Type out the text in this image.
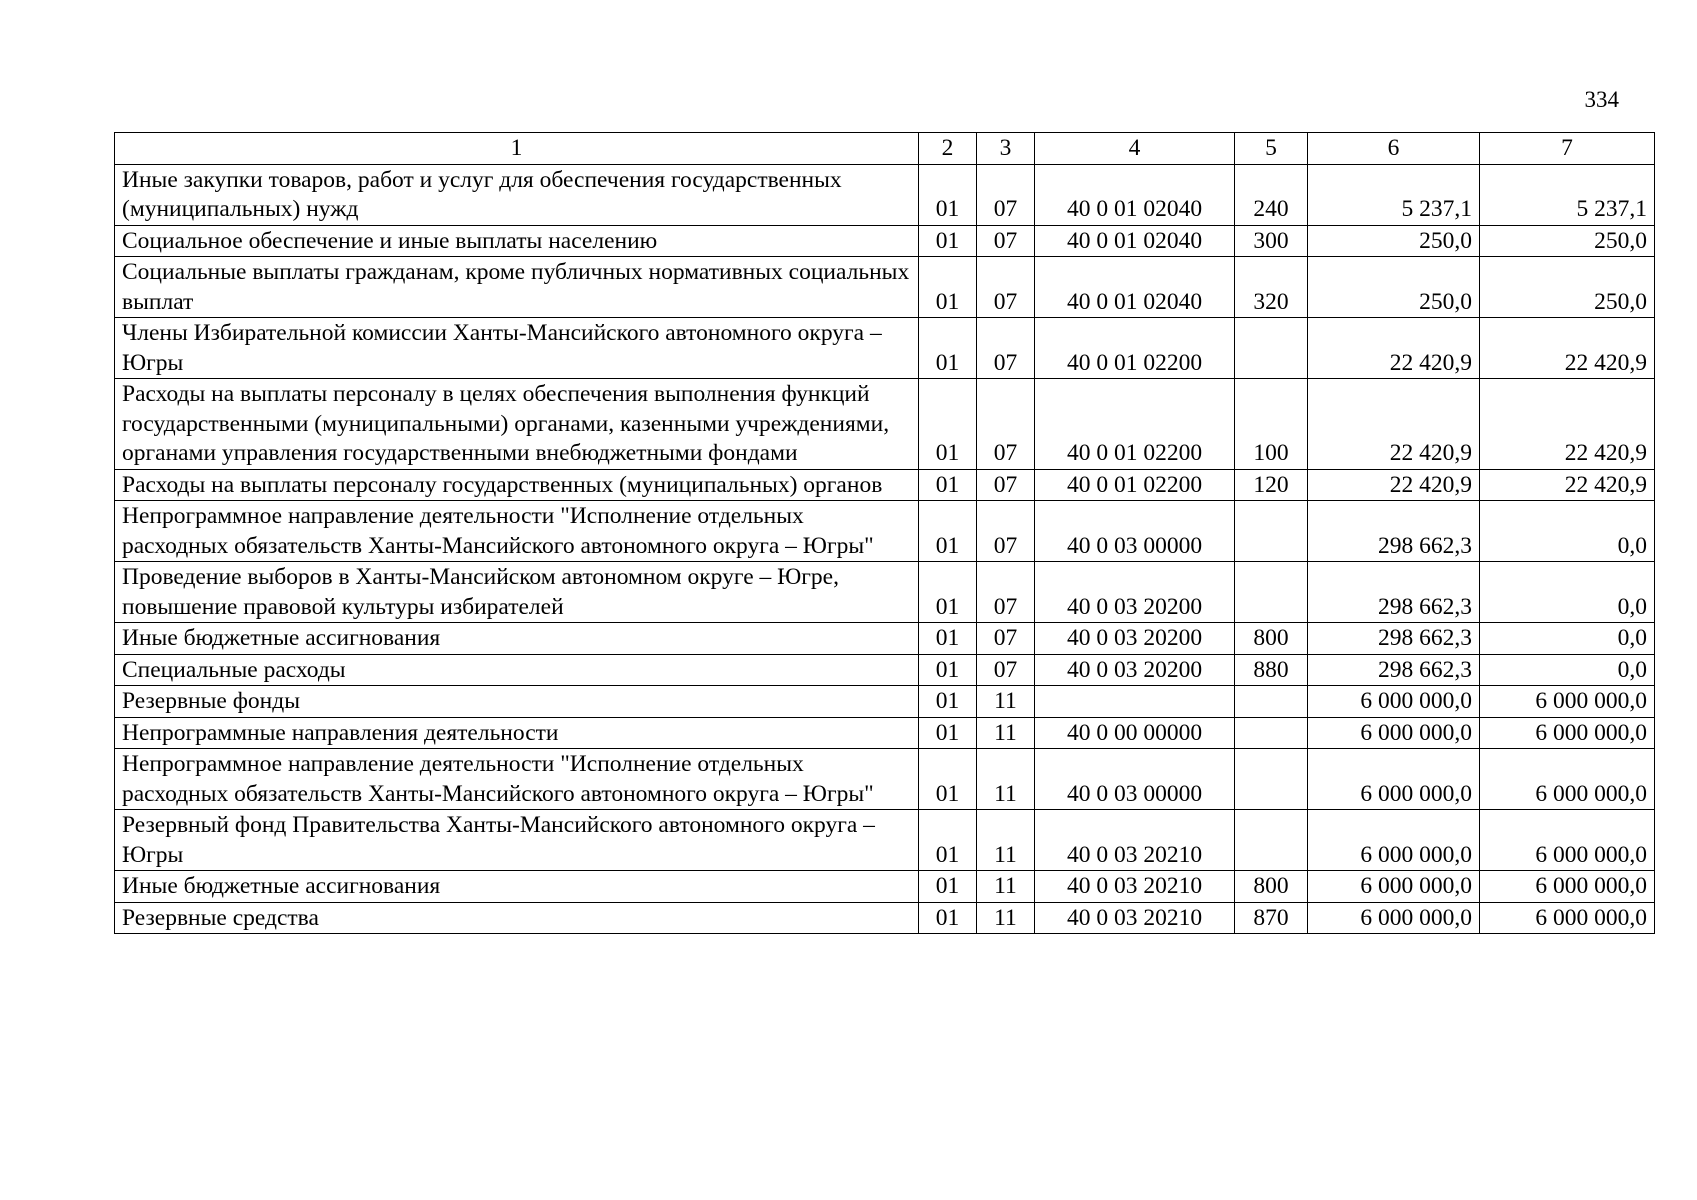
334
1	2	3	4	5	6	7
Иные закупки товаров, работ и услуг для обеспечения государственных (муниципальных) нужд	01	07	40 0 01 02040	240	5 237,1	5 237,1
Социальное обеспечение и иные выплаты населению	01	07	40 0 01 02040	300	250,0	250,0
Социальные выплаты гражданам, кроме публичных нормативных социальных выплат	01	07	40 0 01 02040	320	250,0	250,0
Члены Избирательной комиссии Ханты-Мансийского автономного округа – Югры	01	07	40 0 01 02200		22 420,9	22 420,9
Расходы на выплаты персоналу в целях обеспечения выполнения функций государственными (муниципальными) органами, казенными учреждениями, органами управления государственными внебюджетными фондами	01	07	40 0 01 02200	100	22 420,9	22 420,9
Расходы на выплаты персоналу государственных (муниципальных) органов	01	07	40 0 01 02200	120	22 420,9	22 420,9
Непрограммное направление деятельности "Исполнение отдельных расходных обязательств Ханты-Мансийского автономного округа – Югры"	01	07	40 0 03 00000		298 662,3	0,0
Проведение выборов в Ханты-Мансийском автономном округе – Югре, повышение правовой культуры избирателей	01	07	40 0 03 20200		298 662,3	0,0
Иные бюджетные ассигнования	01	07	40 0 03 20200	800	298 662,3	0,0
Специальные расходы	01	07	40 0 03 20200	880	298 662,3	0,0
Резервные фонды	01	11			6 000 000,0	6 000 000,0
Непрограммные направления деятельности	01	11	40 0 00 00000		6 000 000,0	6 000 000,0
Непрограммное направление деятельности "Исполнение отдельных расходных обязательств Ханты-Мансийского автономного округа – Югры"	01	11	40 0 03 00000		6 000 000,0	6 000 000,0
Резервный фонд Правительства Ханты-Мансийского автономного округа – Югры	01	11	40 0 03 20210		6 000 000,0	6 000 000,0
Иные бюджетные ассигнования	01	11	40 0 03 20210	800	6 000 000,0	6 000 000,0
Резервные средства	01	11	40 0 03 20210	870	6 000 000,0	6 000 000,0
